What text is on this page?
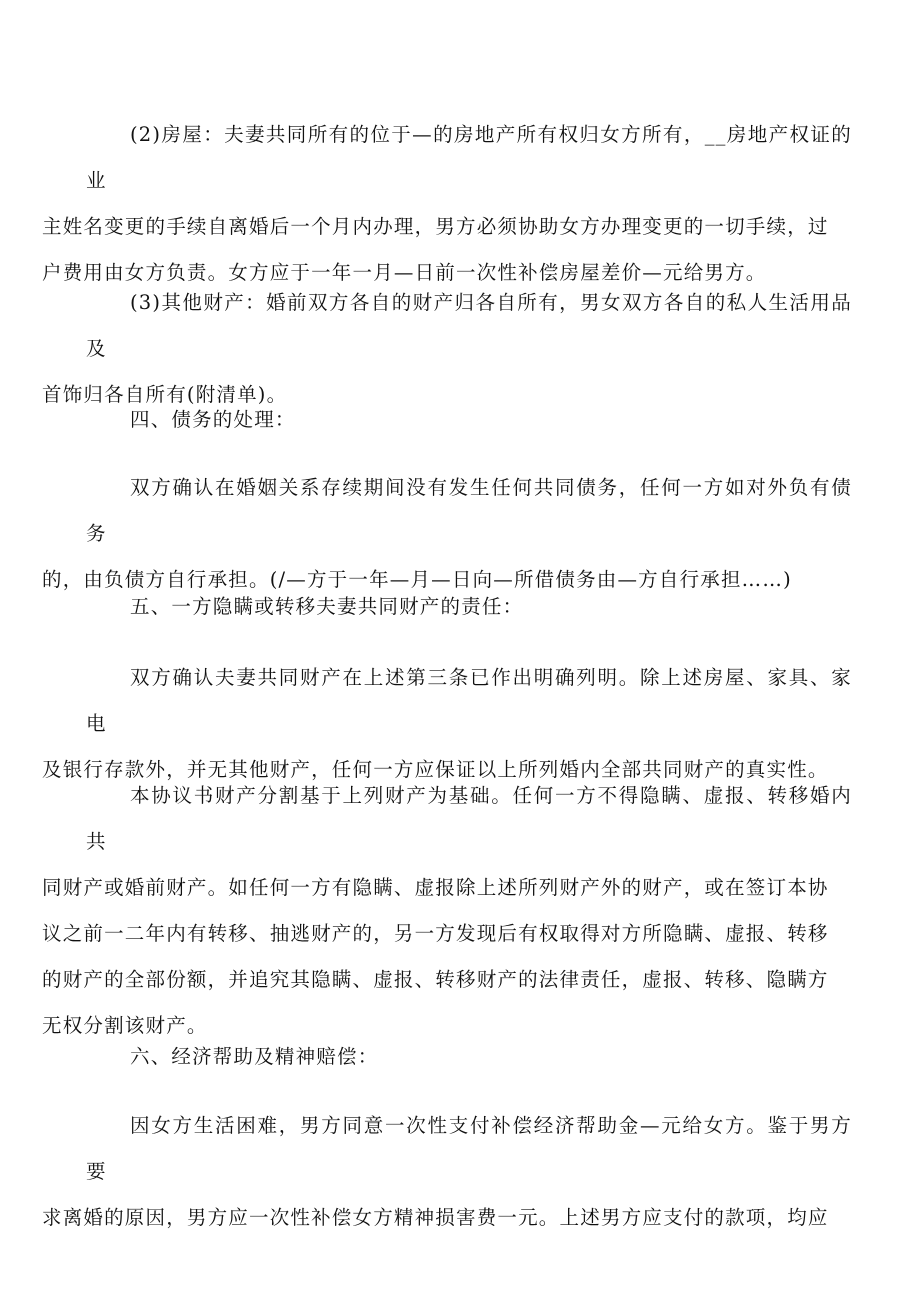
(2)房屋：夫妻共同所有的位于—的房地产所有权归女方所有，__房地产权证的业
主姓名变更的手续自离婚后一个月内办理，男方必须协助女方办理变更的一切手续，过
户费用由女方负责。女方应于一年一月—日前一次性补偿房屋差价—元给男方。

(3)其他财产：婚前双方各自的财产归各自所有，男女双方各自的私人生活用品及
首饰归各自所有(附清单)。

四、债务的处理：

双方确认在婚姻关系存续期间没有发生任何共同债务，任何一方如对外负有债务
的，由负债方自行承担。(/—方于一年—月—日向—所借债务由—方自行承担……)

五、一方隐瞒或转移夫妻共同财产的责任：

双方确认夫妻共同财产在上述第三条已作出明确列明。除上述房屋、家具、家电
及银行存款外，并无其他财产，任何一方应保证以上所列婚内全部共同财产的真实性。

本协议书财产分割基于上列财产为基础。任何一方不得隐瞒、虚报、转移婚内共
同财产或婚前财产。如任何一方有隐瞒、虚报除上述所列财产外的财产，或在签订本协
议之前一二年内有转移、抽逃财产的，另一方发现后有权取得对方所隐瞒、虚报、转移
的财产的全部份额，并追究其隐瞒、虚报、转移财产的法律责任，虚报、转移、隐瞒方
无权分割该财产。

六、经济帮助及精神赔偿：

因女方生活困难，男方同意一次性支付补偿经济帮助金—元给女方。鉴于男方要
求离婚的原因，男方应一次性补偿女方精神损害费一元。上述男方应支付的款项，均应
